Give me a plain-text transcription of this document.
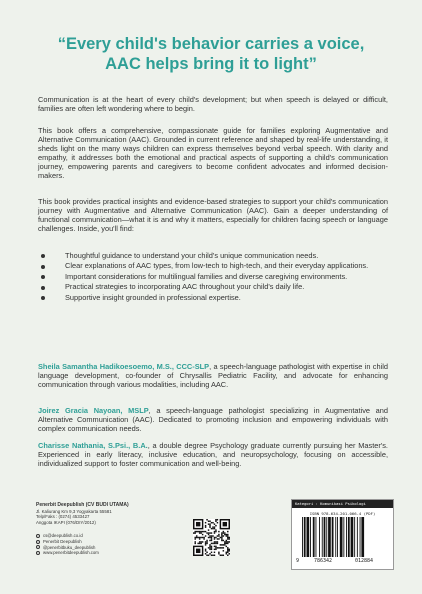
“Every child's behavior carries a voice,
AAC helps bring it to light”

Communication is at the heart of every child's development; but when speech is delayed or difficult, families are often left wondering where to begin.

This book offers a comprehensive, compassionate guide for families exploring Augmentative and Alternative Communication (AAC). Grounded in current reference and shaped by real-life understanding, it sheds light on the many ways children can express themselves beyond verbal speech. With clarity and empathy, it addresses both the emotional and practical aspects of supporting a child's communication journey, empowering parents and caregivers to become confident advocates and informed decision-makers.

This book provides practical insights and evidence-based strategies to support your child's communication journey with Augmentative and Alternative Communication (AAC). Gain a deeper understanding of functional communication—what it is and why it matters, especially for children facing speech or language challenges. Inside, you'll find:

Thoughtful guidance to understand your child's unique communication needs.
Clear explanations of AAC types, from low-tech to high-tech, and their everyday applications.
Important considerations for multilingual families and diverse caregiving environments.
Practical strategies to incorporating AAC throughout your child's daily life.
Supportive insight grounded in professional expertise.

Sheila Samantha Hadikoesoemo, M.S., CCC-SLP, a speech-language pathologist with expertise in child language development, co-founder of Chrysallis Pediatric Facility, and advocate for enhancing communication through various modalities, including AAC.

Joirez Gracia Nayoan, MSLP, a speech-language pathologist specializing in Augmentative and Alternative Communication (AAC). Dedicated to promoting inclusion and empowering individuals with complex communication needs.

Charisse Nathania, S.Psi., B.A., a double degree Psychology graduate currently pursuing her Master's. Experienced in early literacy, inclusive education, and neuropsychology, focusing on accessible, individualized support to foster communication and well-being.

Penerbit Deepublish (CV BUDI UTAMA)
Jl. Kaliurang Km 9,3 Yogyakarta 55581
Telp/Faks : (0274) 4533427
Anggota IKAPI (076/DIY/2012)
cs@deepublish.co.id
Penerbit Deepublish
@penerbitbuku_deepublish
www.penerbitdeepublish.com
Kategori : Komunikasi Psikologi
ISBN 978-634-201-066-4 (PDF)
9	786342	012884
